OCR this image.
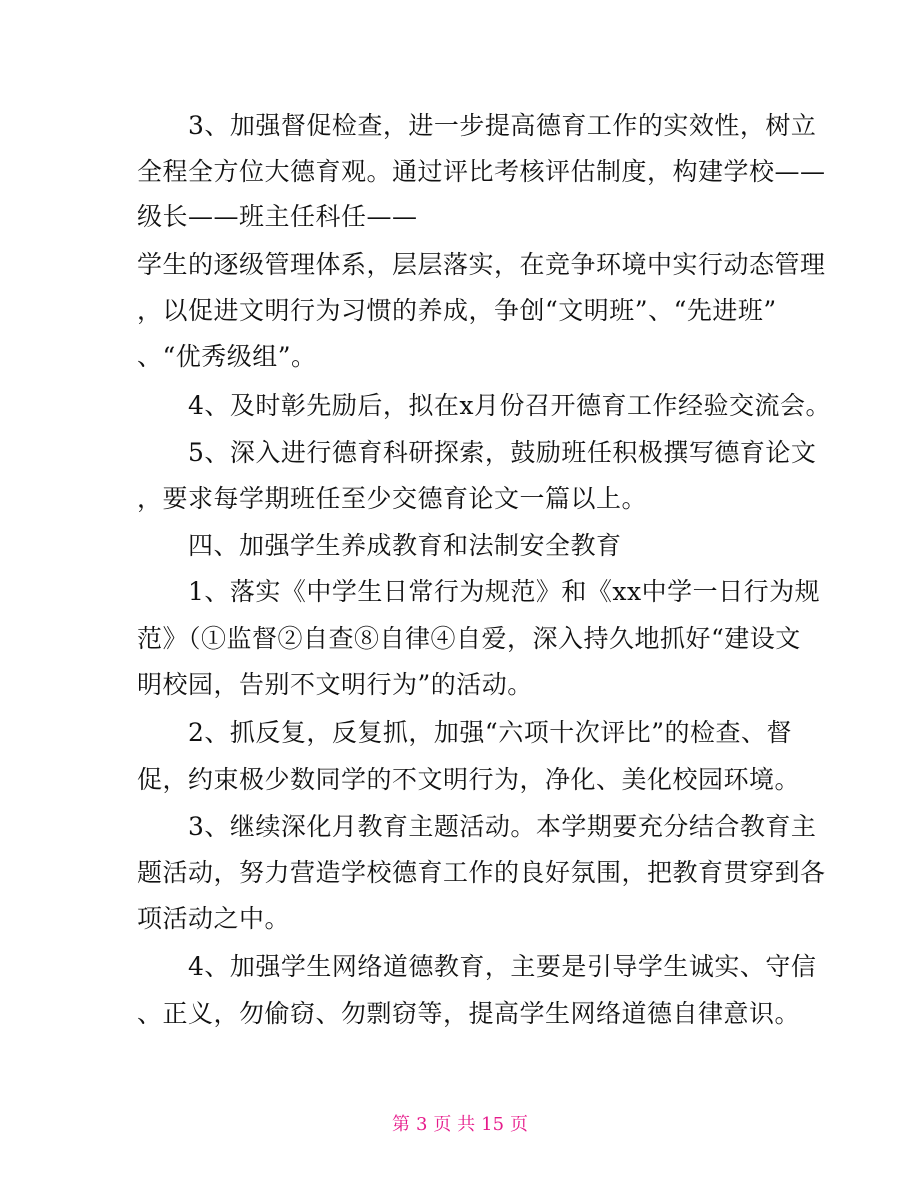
　　3、加强督促检查，进一步提高德育工作的实效性，树立
全程全方位大德育观。通过评比考核评估制度，构建学校——
级长——班主任科任——
学生的逐级管理体系，层层落实，在竞争环境中实行动态管理
，以促进文明行为习惯的养成，争创“文明班”、“先进班”
、“优秀级组”。
　　4、及时彰先励后，拟在x月份召开德育工作经验交流会。
　　5、深入进行德育科研探索，鼓励班任积极撰写德育论文
，要求每学期班任至少交德育论文一篇以上。
　　四、加强学生养成教育和法制安全教育
　　1、落实《中学生日常行为规范》和《xx中学一日行为规
范》（①监督②自查⑧自律④自爱，深入持久地抓好“建设文
明校园，告别不文明行为”的活动。
　　2、抓反复，反复抓，加强“六项十次评比”的检查、督
促，约束极少数同学的不文明行为，净化、美化校园环境。
　　3、继续深化月教育主题活动。本学期要充分结合教育主
题活动，努力营造学校德育工作的良好氛围，把教育贯穿到各
项活动之中。
　　4、加强学生网络道德教育，主要是引导学生诚实、守信
、正义，勿偷窃、勿剽窃等，提高学生网络道德自律意识。
第 3 页 共 15 页
